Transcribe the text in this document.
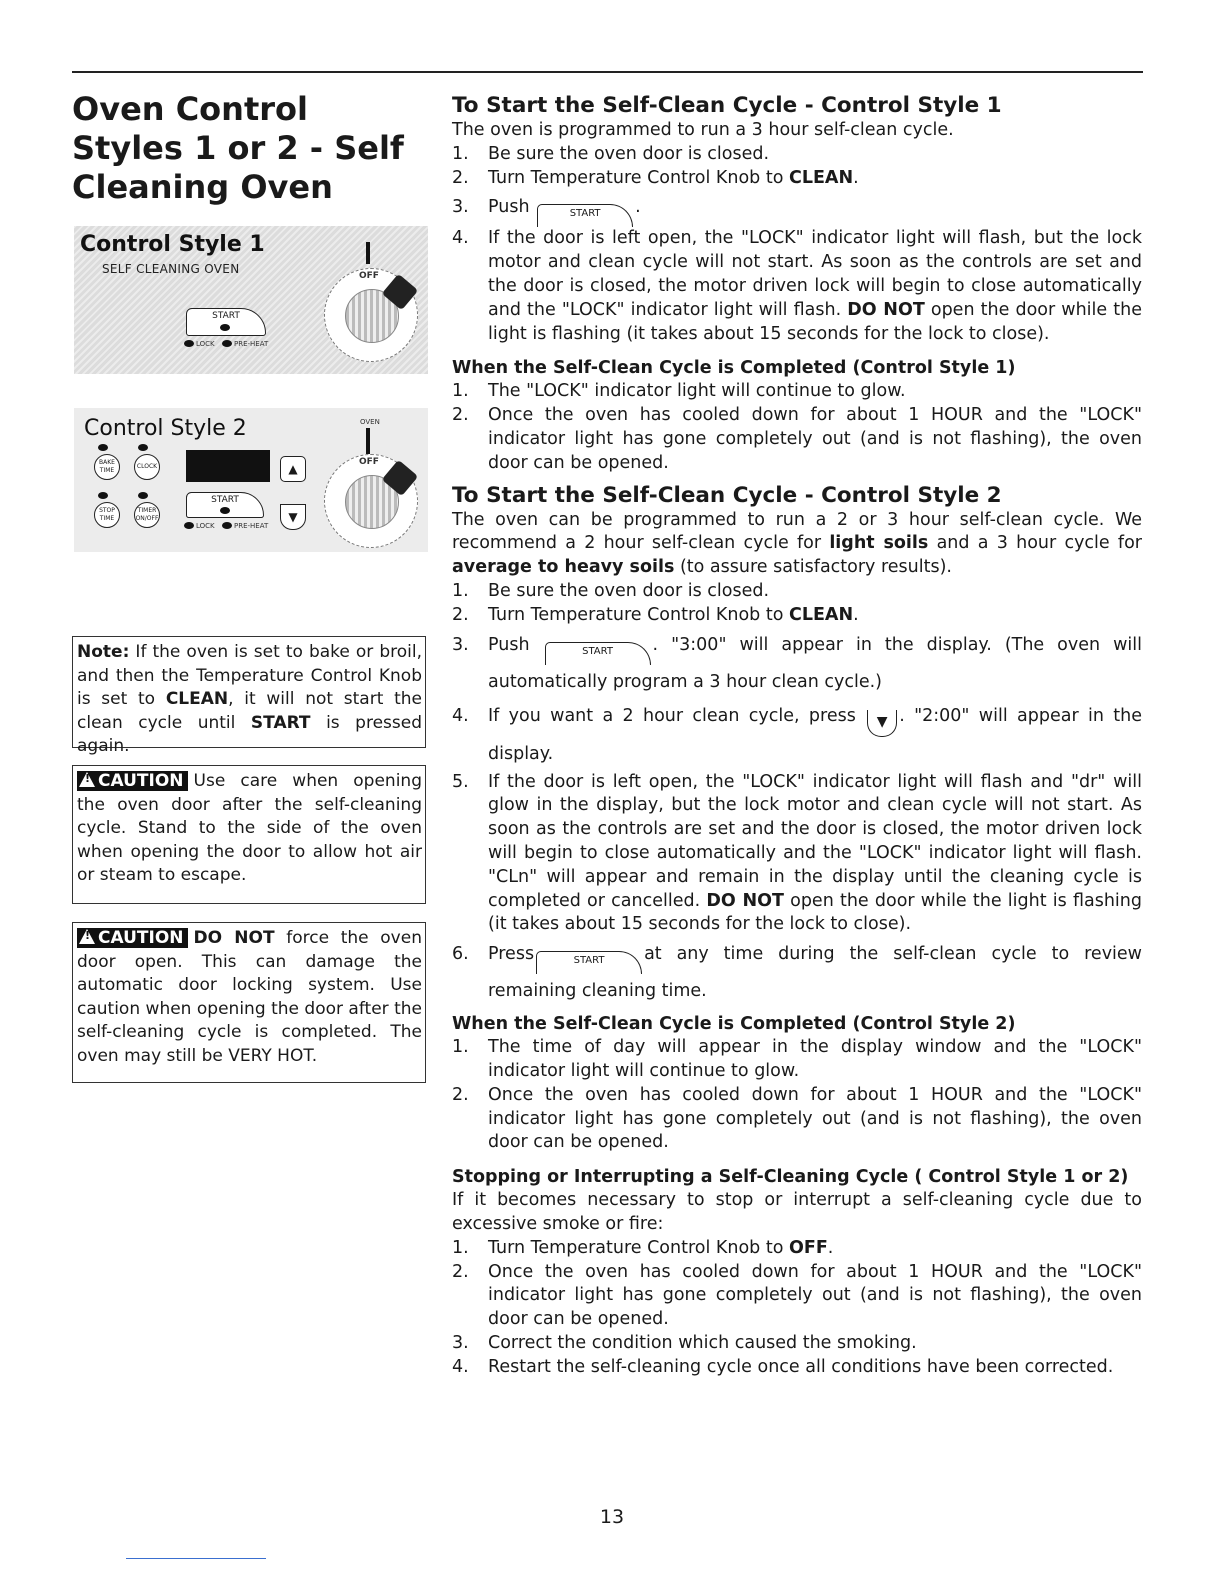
Oven Control Styles 1 or 2 - Self Cleaning Oven
Control Style 1
SELF CLEANING OVEN
START
LOCK	PRE-HEAT
OFF
Control Style 2	OVEN
BAKE TIME
CLOCK	▲
STOP TIME
TIMER ON/OFF
START
LOCK	PRE-HEAT
▼
OFF
Note: If the oven is set to bake or broil, and then the Temperature Control Knob is set to CLEAN, it will not start the clean cycle until START is pressed again.
!CAUTION Use care when opening the oven door after the self-cleaning cycle. Stand to the side of the oven when opening the door to allow hot air or steam to escape.
!CAUTION DO NOT force the oven door open. This can damage the automatic door locking system. Use caution when opening the door after the self-cleaning cycle is completed. The oven may still be VERY HOT.
To Start the Self-Clean Cycle - Control Style 1

The oven is programmed to run a 3 hour self-clean cycle.

1. Be sure the oven door is closed.
2. Turn Temperature Control Knob to CLEAN.
3. Push	START .
4. If the door is left open, the "LOCK" indicator light will flash, but the lock motor and clean cycle will not start. As soon as the controls are set and the door is closed, the motor driven lock will begin to close automatically and the "LOCK" indicator light will flash. DO NOT open the door while the light is flashing (it takes about 15 seconds for the lock to close).
When the Self-Clean Cycle is Completed (Control Style 1)
1. The "LOCK" indicator light will continue to glow.
2. Once the oven has cooled down for about 1 HOUR and the "LOCK" indicator light has gone completely out (and is not flashing), the oven door can be opened.
To Start the Self-Clean Cycle - Control Style 2

The oven can be programmed to run a 2 or 3 hour self-clean cycle. We recommend a 2 hour self-clean cycle for light soils and a 3 hour cycle for average to heavy soils (to assure satisfactory results).

1. Be sure the oven door is closed.
2. Turn Temperature Control Knob to CLEAN.
3. Push	START . "3:00" will appear in the display. (The oven will automatically program a 3 hour clean cycle.)
4. If you want a 2 hour clean cycle, press ▼ . "2:00" will appear in the display.
5. If the door is left open, the "LOCK" indicator light will flash and "dr" will glow in the display, but the lock motor and clean cycle will not start. As soon as the controls are set and the door is closed, the motor driven lock will begin to close automatically and the "LOCK" indicator light will flash. "CLn" will appear and remain in the display until the cleaning cycle is completed or cancelled. DO NOT open the door while the light is flashing (it takes about 15 seconds for the lock to close).
6. Press	START at any time during the self-clean cycle to review remaining cleaning time.
When the Self-Clean Cycle is Completed (Control Style 2)
1. The time of day will appear in the display window and the "LOCK" indicator light will continue to glow.
2. Once the oven has cooled down for about 1 HOUR and the "LOCK" indicator light has gone completely out (and is not flashing), the oven door can be opened.
Stopping or Interrupting a Self-Cleaning Cycle ( Control Style 1 or 2)

If it becomes necessary to stop or interrupt a self-cleaning cycle due to excessive smoke or fire:

1. Turn Temperature Control Knob to OFF.
2. Once the oven has cooled down for about 1 HOUR and the "LOCK" indicator light has gone completely out (and is not flashing), the oven door can be opened.
3. Correct the condition which caused the smoking.
4. Restart the self-cleaning cycle once all conditions have been corrected.
13
